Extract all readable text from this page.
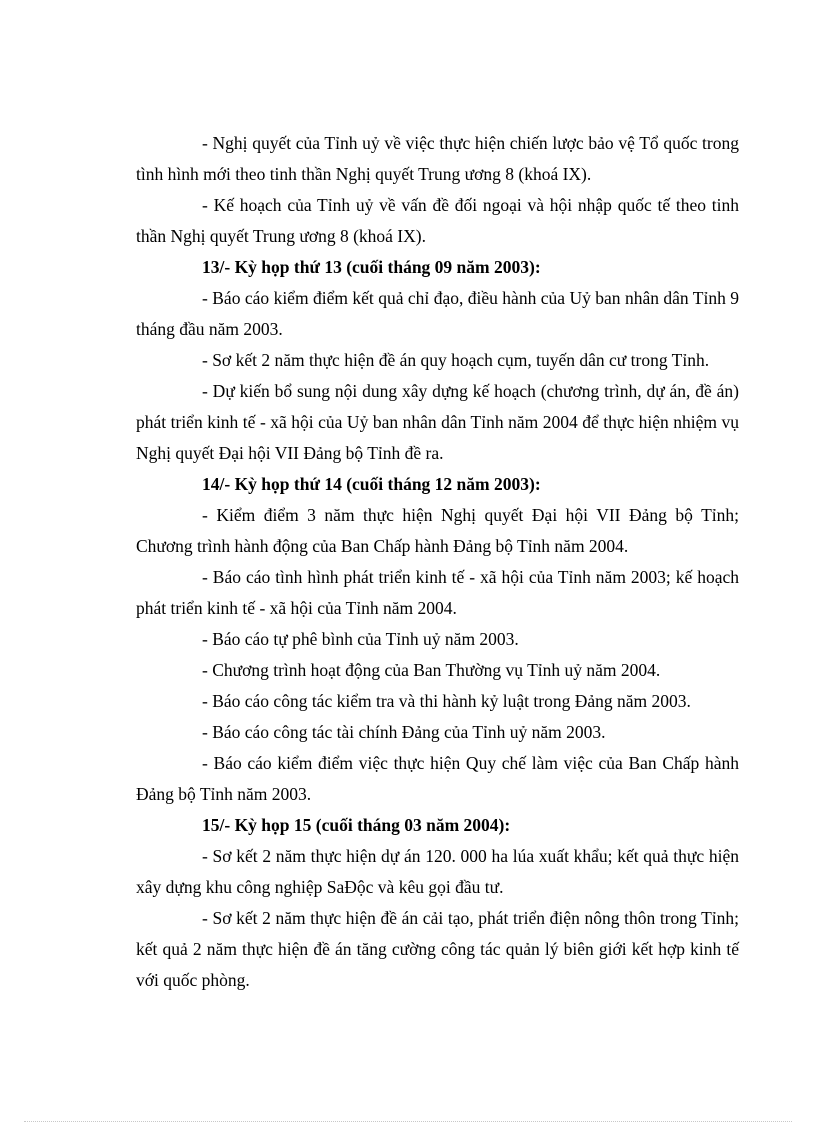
- Nghị quyết của Tỉnh uỷ về việc thực hiện chiến lược bảo vệ Tổ quốc trong tình hình mới theo tinh thần Nghị quyết Trung ương 8 (khoá IX).

- Kế hoạch của Tỉnh uỷ về vấn đề đối ngoại và hội nhập quốc tế theo tinh thần Nghị quyết Trung ương 8 (khoá IX).

13/- Kỳ họp thứ 13 (cuối tháng 09 năm 2003):

- Báo cáo kiểm điểm kết quả chỉ đạo, điều hành của Uỷ ban nhân dân Tỉnh 9 tháng đầu năm 2003.

- Sơ kết 2 năm thực hiện đề án quy hoạch cụm, tuyến dân cư trong Tỉnh.

- Dự kiến bổ sung nội dung xây dựng kế hoạch (chương trình, dự án, đề án) phát triển kinh tế - xã hội của Uỷ ban nhân dân Tỉnh năm 2004 để thực hiện nhiệm vụ Nghị quyết Đại hội VII Đảng bộ Tỉnh đề ra.

14/- Kỳ họp thứ 14 (cuối tháng 12 năm 2003):

- Kiểm điểm 3 năm thực hiện Nghị quyết Đại hội VII Đảng bộ Tỉnh; Chương trình hành động của Ban Chấp hành Đảng bộ Tỉnh năm 2004.

- Báo cáo tình hình phát triển kinh tế - xã hội của Tỉnh năm 2003; kế hoạch phát triển kinh tế - xã hội của Tỉnh năm 2004.

- Báo cáo tự phê bình của Tỉnh uỷ năm 2003.

- Chương trình hoạt động của Ban Thường vụ Tỉnh uỷ năm 2004.

- Báo cáo công tác kiểm tra và thi hành kỷ luật trong Đảng năm 2003.

- Báo cáo công tác tài chính Đảng của Tỉnh uỷ năm 2003.

- Báo cáo kiểm điểm việc thực hiện Quy chế làm việc của Ban Chấp hành Đảng bộ Tỉnh năm 2003.

15/- Kỳ họp 15 (cuối tháng 03 năm 2004):

- Sơ kết 2 năm thực hiện dự án 120. 000 ha lúa xuất khẩu; kết quả thực hiện xây dựng khu công nghiệp SaĐộc và kêu gọi đầu tư.

- Sơ kết 2 năm thực hiện đề án cải tạo, phát triển điện nông thôn trong Tỉnh; kết quả 2 năm thực hiện đề án tăng cường công tác quản lý biên giới kết hợp kinh tế với quốc phòng.
